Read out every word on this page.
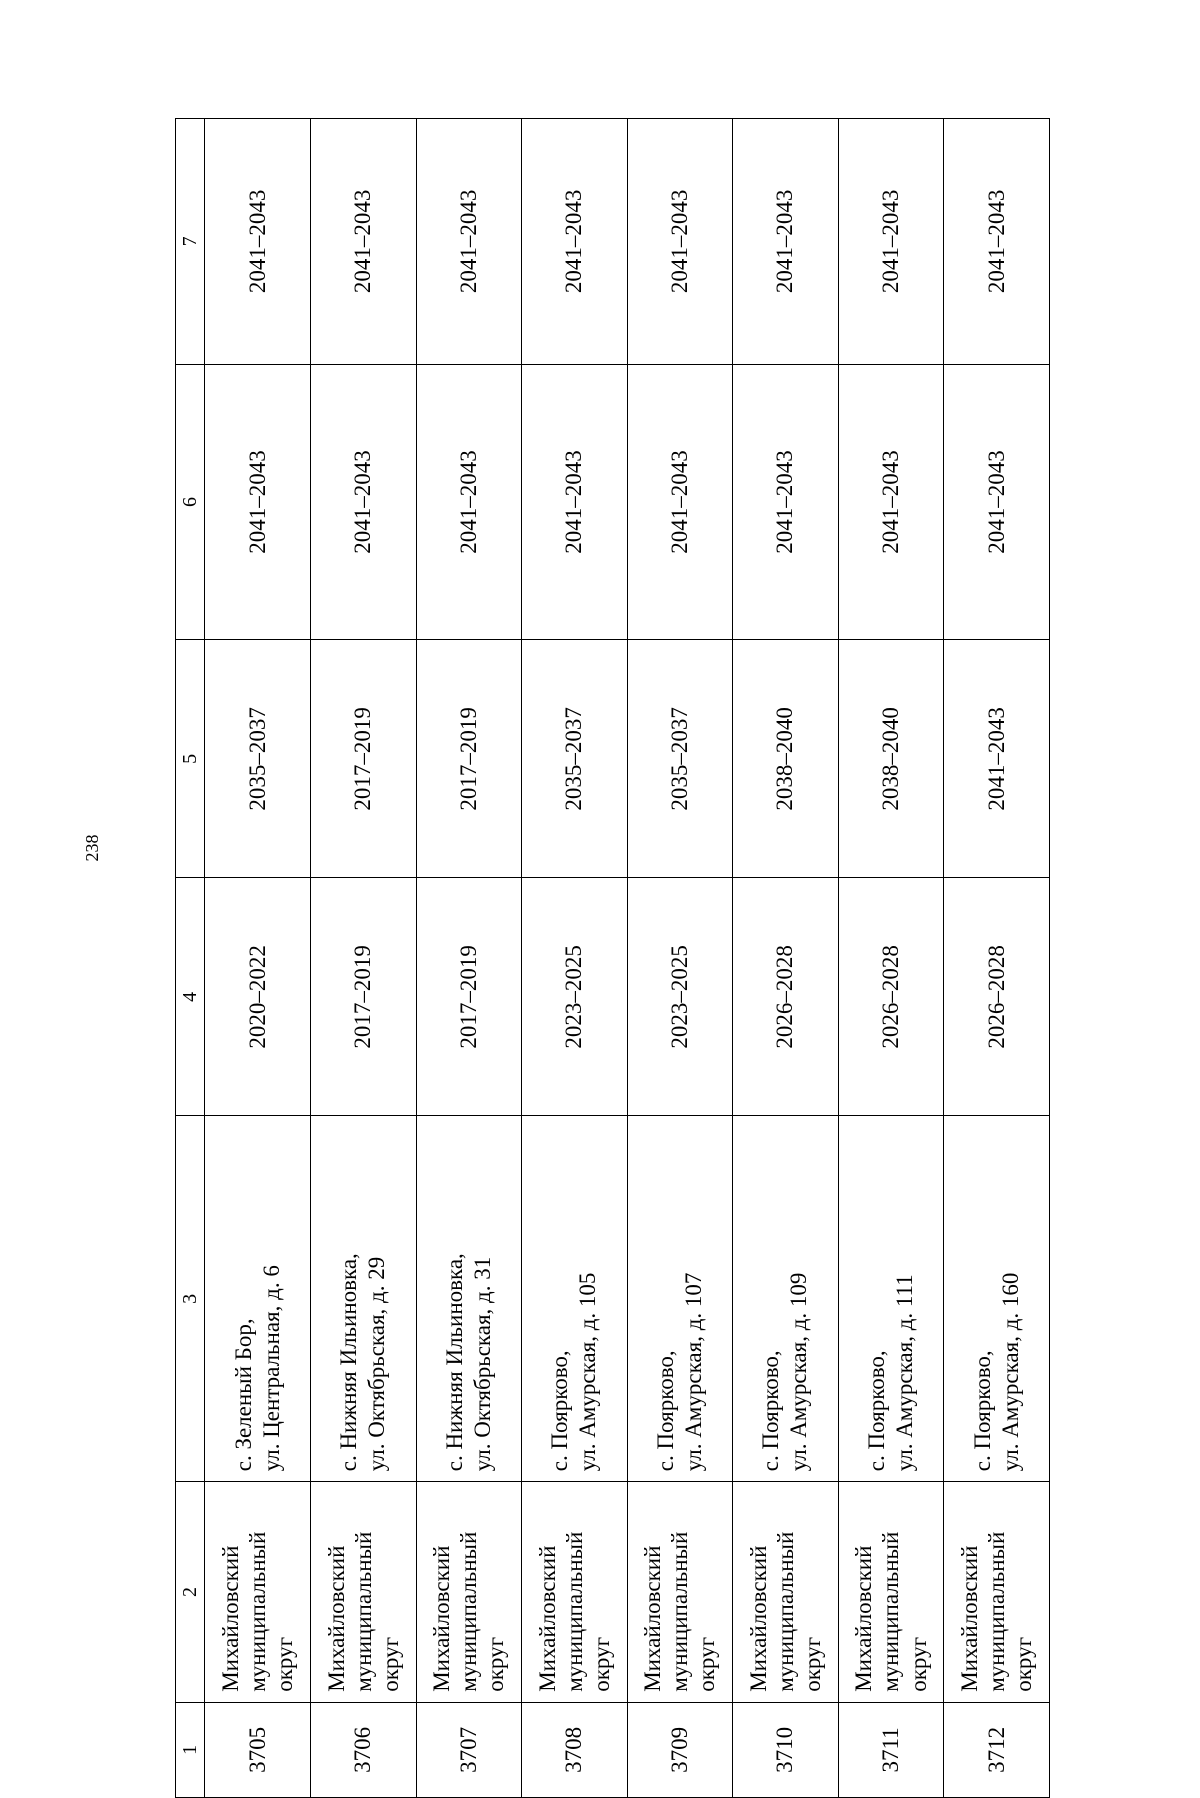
238
1	2	3	4	5	6	7
3705	Михайловский муниципальный округ	с. Зеленый Бор, ул. Центральная, д. 6	2020–2022	2035–2037	2041–2043	2041–2043
3706	Михайловский муниципальный округ	с. Нижняя Ильиновка, ул. Октябрьская, д. 29	2017–2019	2017–2019	2041–2043	2041–2043
3707	Михайловский муниципальный округ	с. Нижняя Ильиновка, ул. Октябрьская, д. 31	2017–2019	2017–2019	2041–2043	2041–2043
3708	Михайловский муниципальный округ	с. Поярково, ул. Амурская, д. 105	2023–2025	2035–2037	2041–2043	2041–2043
3709	Михайловский муниципальный округ	с. Поярково, ул. Амурская, д. 107	2023–2025	2035–2037	2041–2043	2041–2043
3710	Михайловский муниципальный округ	с. Поярково, ул. Амурская, д. 109	2026–2028	2038–2040	2041–2043	2041–2043
3711	Михайловский муниципальный округ	с. Поярково, ул. Амурская, д. 111	2026–2028	2038–2040	2041–2043	2041–2043
3712	Михайловский муниципальный округ	с. Поярково, ул. Амурская, д. 160	2026–2028	2041–2043	2041–2043	2041–2043
